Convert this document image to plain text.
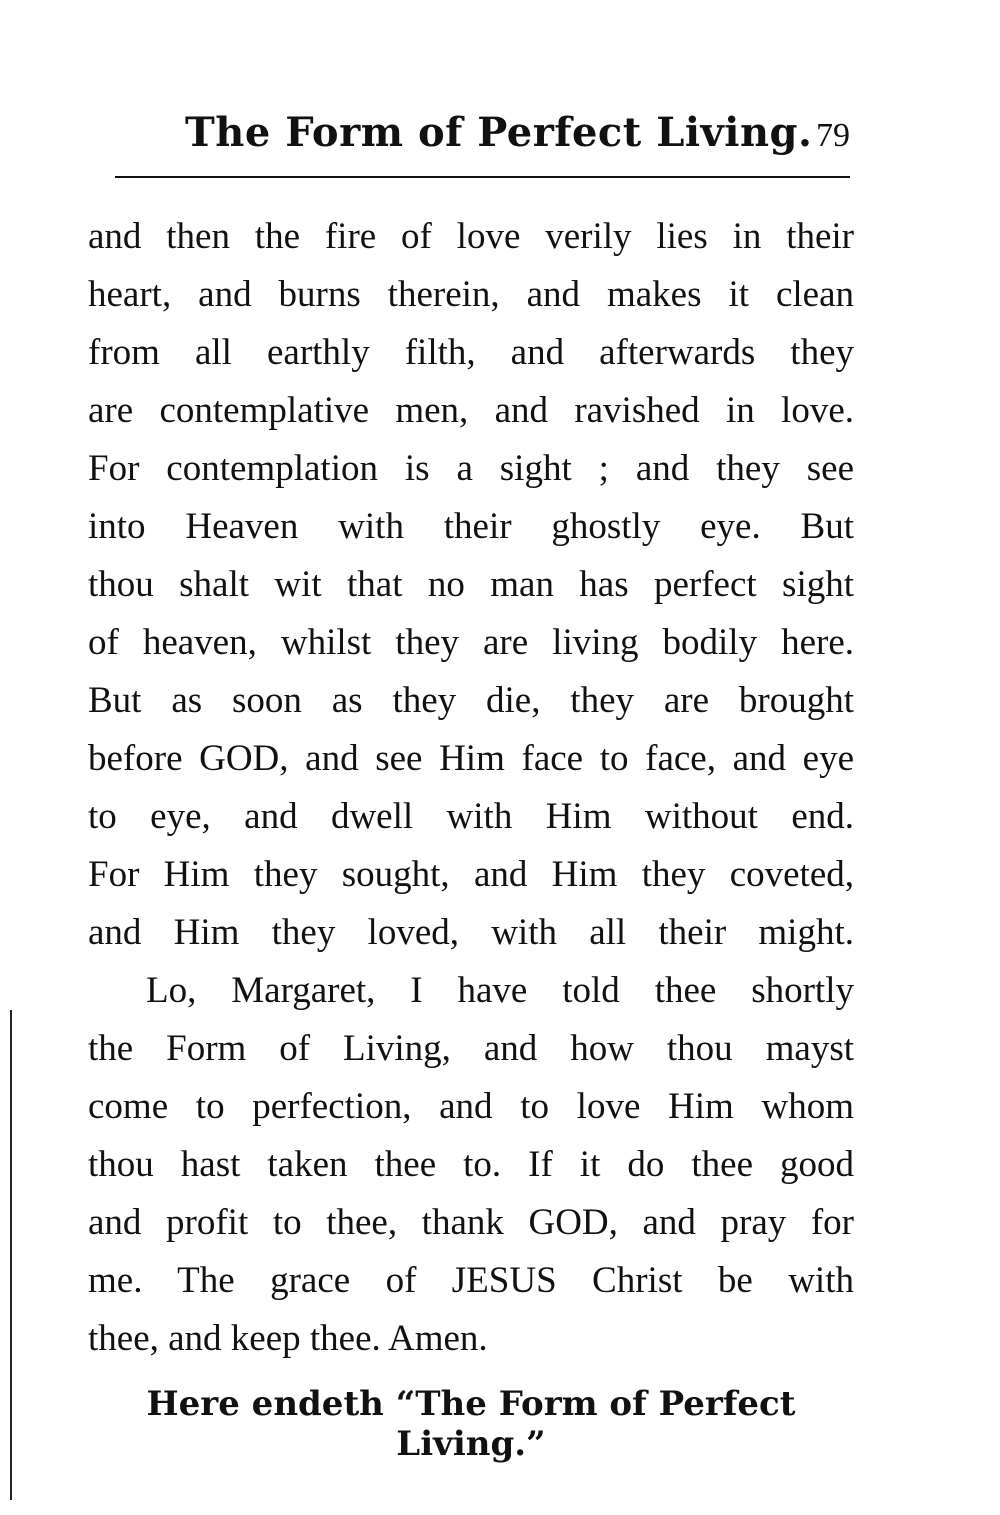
The Form of Perfect Living. 79
and then the fire of love verily lies in their
heart, and burns therein, and makes it clean
from all earthly filth, and afterwards they
are contemplative men, and ravished in love.
For contemplation is a sight ; and they see
into Heaven with their ghostly eye. But
thou shalt wit that no man has perfect sight
of heaven, whilst they are living bodily here.
But as soon as they die, they are brought
before GOD, and see Him face to face, and eye
to eye, and dwell with Him without end.
For Him they sought, and Him they coveted,
and Him they loved, with all their might.
Lo, Margaret, I have told thee shortly
the Form of Living, and how thou mayst
come to perfection, and to love Him whom
thou hast taken thee to. If it do thee good
and profit to thee, thank GOD, and pray for
me. The grace of JESUS Christ be with
thee, and keep thee. Amen.
Here endeth “The Form of Perfect Living.”
